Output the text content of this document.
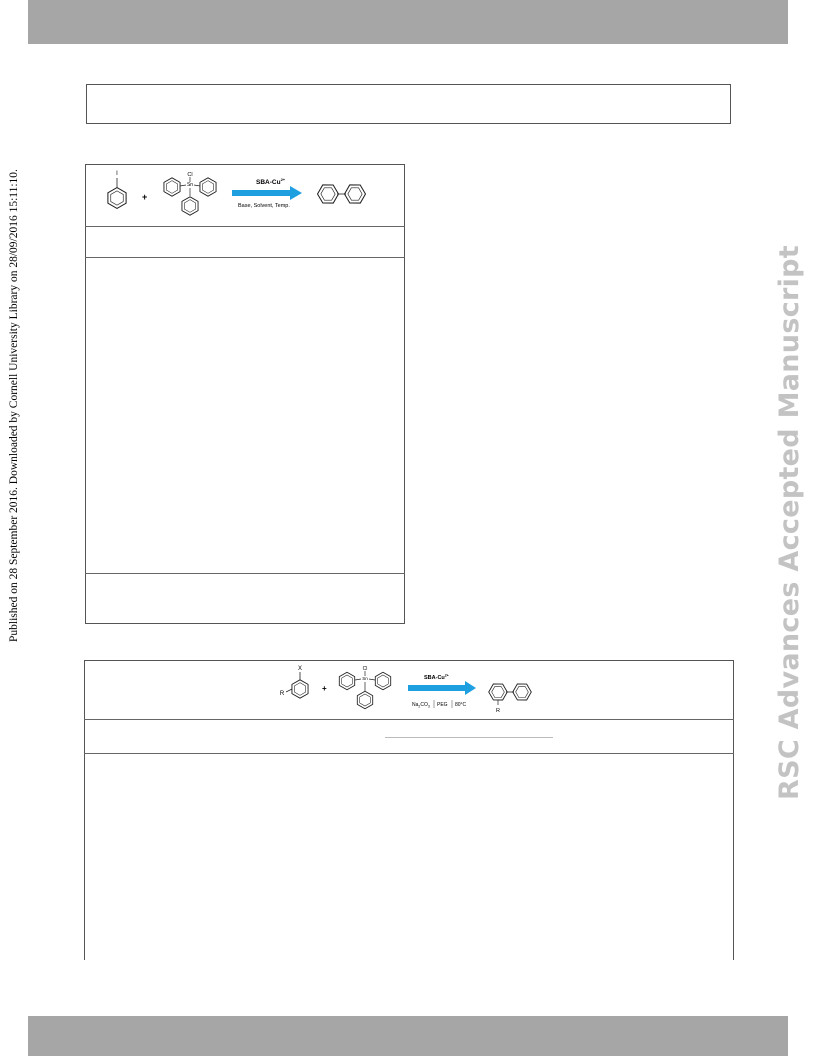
Published on 28 September 2016. Downloaded by Cornell University Library on 28/09/2016 15:11:10.	RSC Advances Accepted Manuscript
I
+
Cl
Sn	SBA-$Cu^{2+}$
Base, Solvent, Temp.
X
R
+
Cl
Sn	SBA-$Cu^{2+}$
$Na_2CO_3$ PEG 80°C
R
